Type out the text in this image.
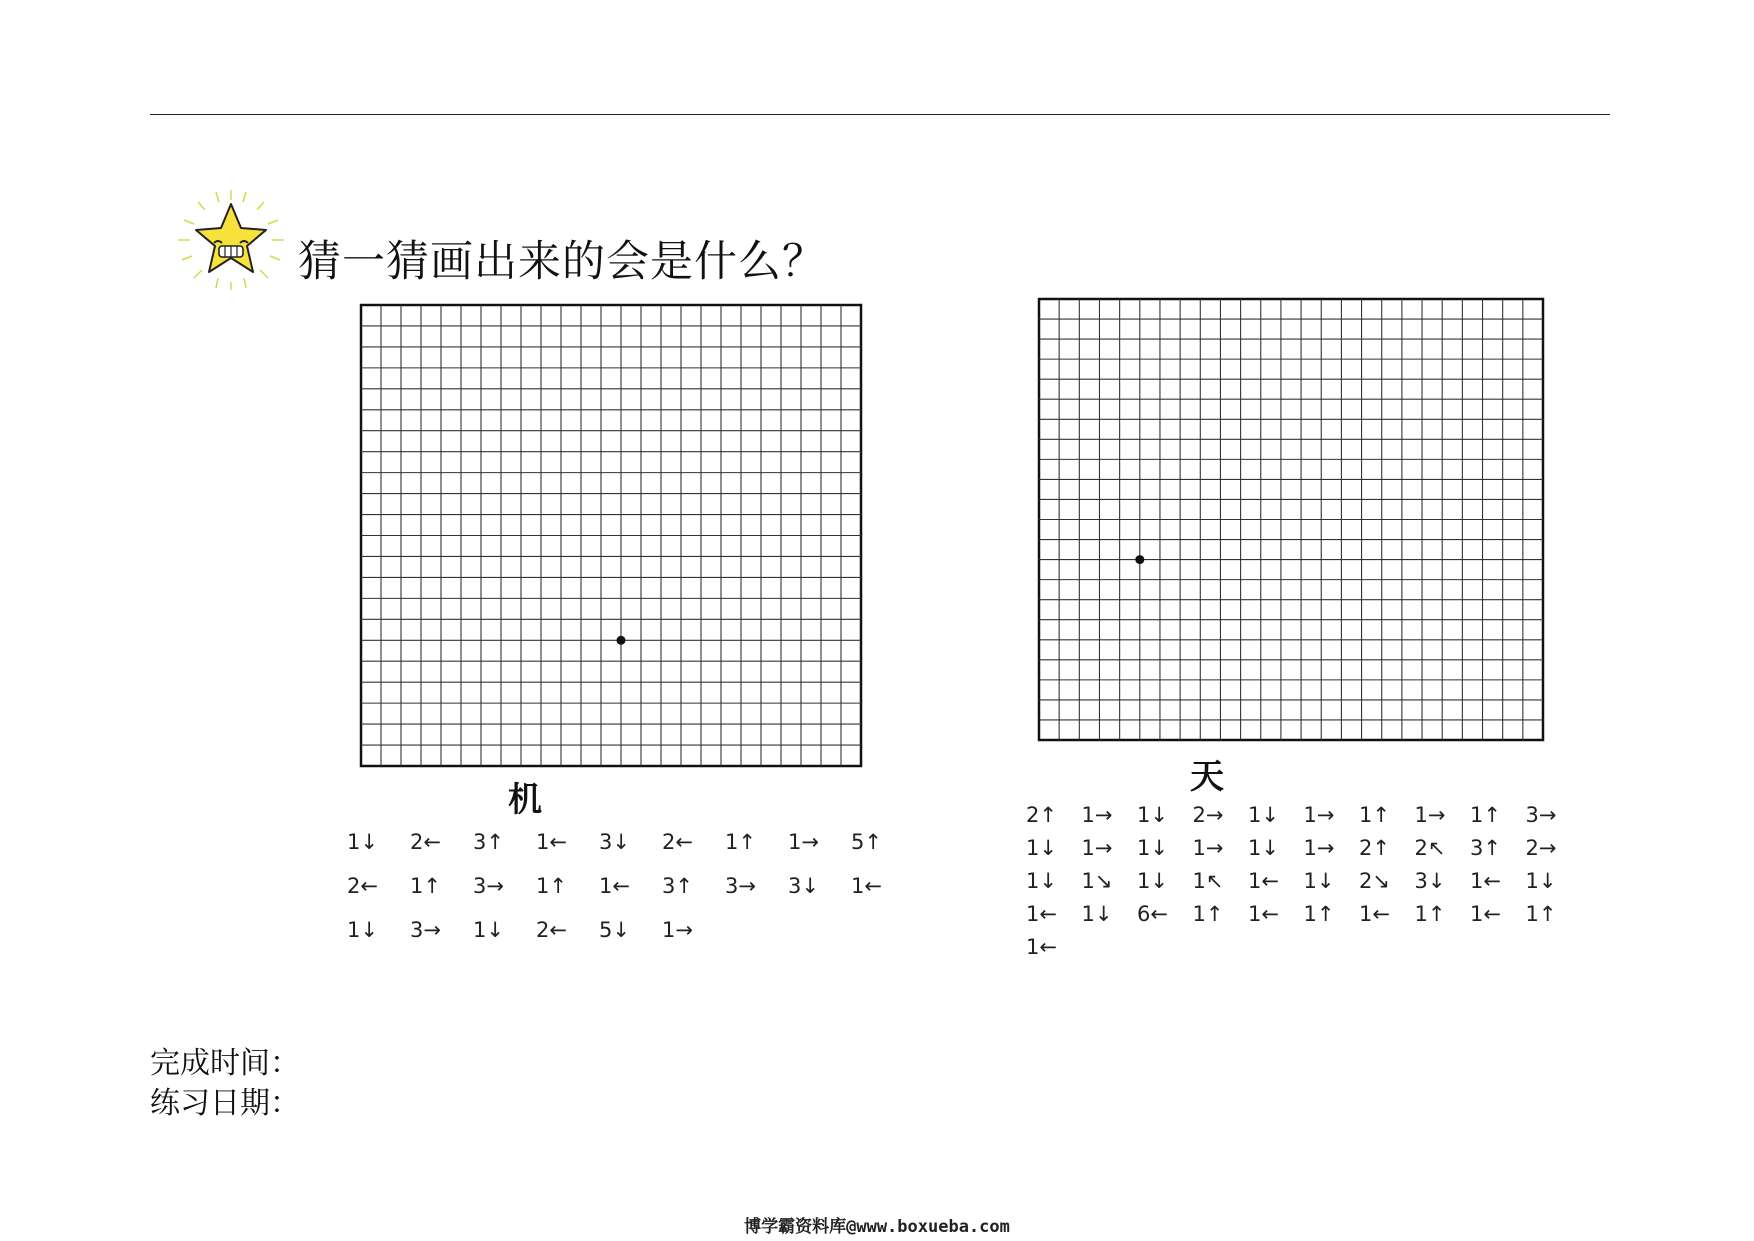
猜一猜画出来的会是什么？
机
1↓ 2← 3↑ 1← 3↓ 2← 1↑ 1→ 5↑
2← 1↑ 3→ 1↑ 1← 3↑ 3→ 3↓ 1←
1↓ 3→ 1↓ 2← 5↓ 1→
天
2↑ 1→ 1↓ 2→ 1↓ 1→ 1↑ 1→ 1↑ 3→
1↓ 1→ 1↓ 1→ 1↓ 1→ 2↑ 2↖ 3↑ 2→
1↓ 1↘ 1↓ 1↖ 1← 1↓ 2↘ 3↓ 1← 1↓
1← 1↓ 6← 1↑ 1← 1↑ 1← 1↑ 1← 1↑
1←
完成时间：
练习日期：
博学霸资料库@www.boxueba.com
